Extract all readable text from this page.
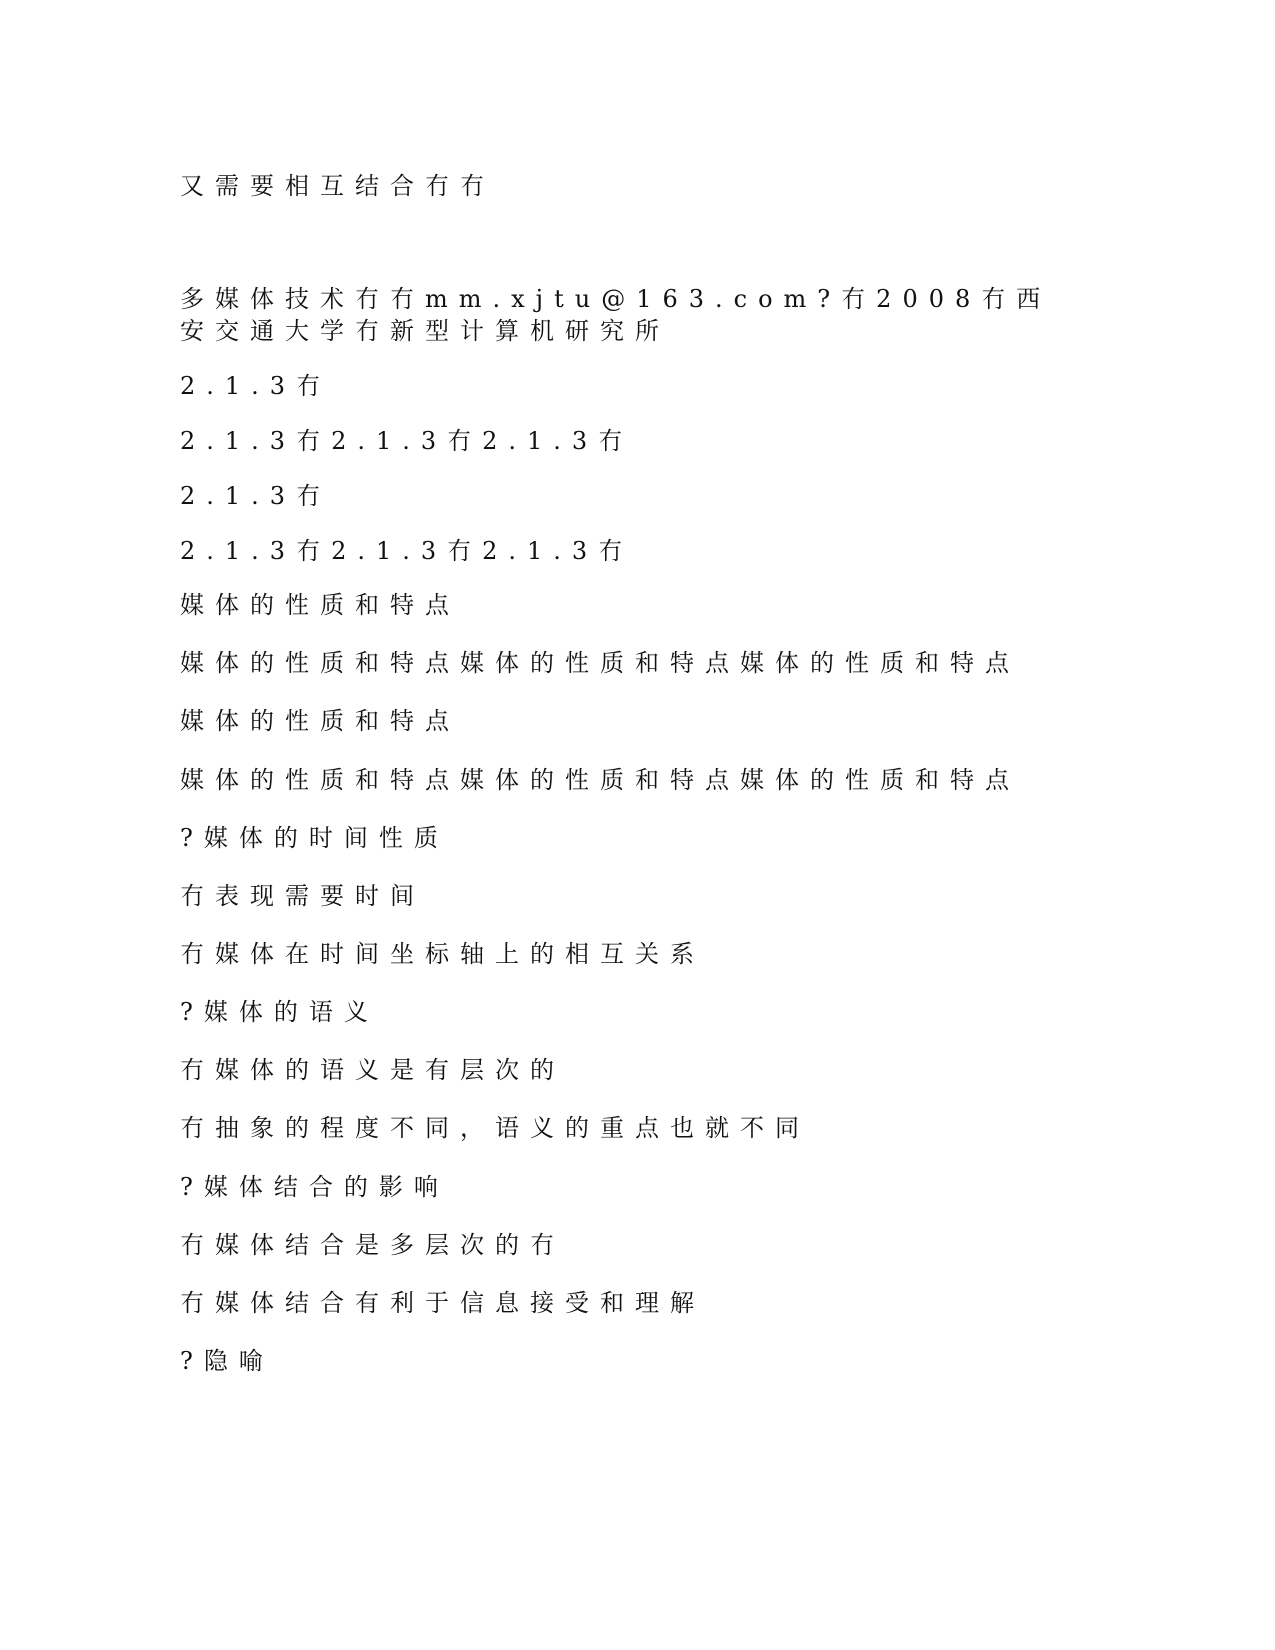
又需要相互结合冇冇
多媒体技术冇冇mm.xjtu@163.com?冇2008冇西安交通大学冇新型计算机研究所
2.1.3冇
2.1.3冇2.1.3冇2.1.3冇
2.1.3冇
2.1.3冇2.1.3冇2.1.3冇
媒体的性质和特点
媒体的性质和特点媒体的性质和特点媒体的性质和特点
媒体的性质和特点
媒体的性质和特点媒体的性质和特点媒体的性质和特点
?媒体的时间性质
冇表现需要时间
冇媒体在时间坐标轴上的相互关系
?媒体的语义
冇媒体的语义是有层次的
冇抽象的程度不同，语义的重点也就不同
?媒体结合的影响
冇媒体结合是多层次的冇
冇媒体结合有利于信息接受和理解
?隐喻
